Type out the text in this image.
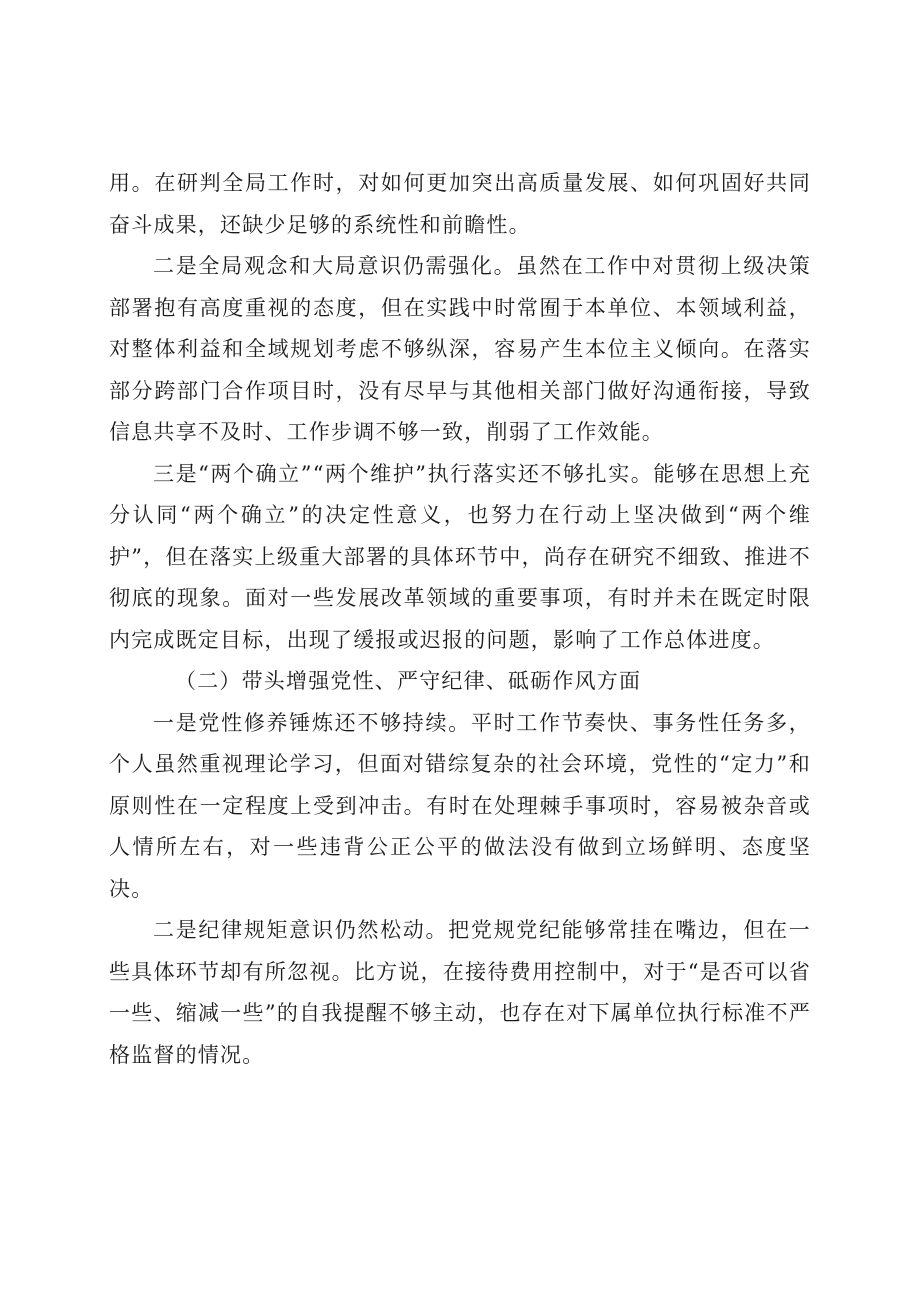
用。在研判全局工作时，对如何更加突出高质量发展、如何巩固好共同奋斗成果，还缺少足够的系统性和前瞻性。

二是全局观念和大局意识仍需强化。虽然在工作中对贯彻上级决策部署抱有高度重视的态度，但在实践中时常囿于本单位、本领域利益，对整体利益和全域规划考虑不够纵深，容易产生本位主义倾向。在落实部分跨部门合作项目时，没有尽早与其他相关部门做好沟通衔接，导致信息共享不及时、工作步调不够一致，削弱了工作效能。

三是“两个确立”“两个维护”执行落实还不够扎实。能够在思想上充分认同“两个确立”的决定性意义，也努力在行动上坚决做到“两个维护”，但在落实上级重大部署的具体环节中，尚存在研究不细致、推进不彻底的现象。面对一些发展改革领域的重要事项，有时并未在既定时限内完成既定目标，出现了缓报或迟报的问题，影响了工作总体进度。

（二）带头增强党性、严守纪律、砥砺作风方面

一是党性修养锤炼还不够持续。平时工作节奏快、事务性任务多，个人虽然重视理论学习，但面对错综复杂的社会环境，党性的“定力”和原则性在一定程度上受到冲击。有时在处理棘手事项时，容易被杂音或人情所左右，对一些违背公正公平的做法没有做到立场鲜明、态度坚决。

二是纪律规矩意识仍然松动。把党规党纪能够常挂在嘴边，但在一些具体环节却有所忽视。比方说，在接待费用控制中，对于“是否可以省一些、缩减一些”的自我提醒不够主动，也存在对下属单位执行标准不严格监督的情况。
